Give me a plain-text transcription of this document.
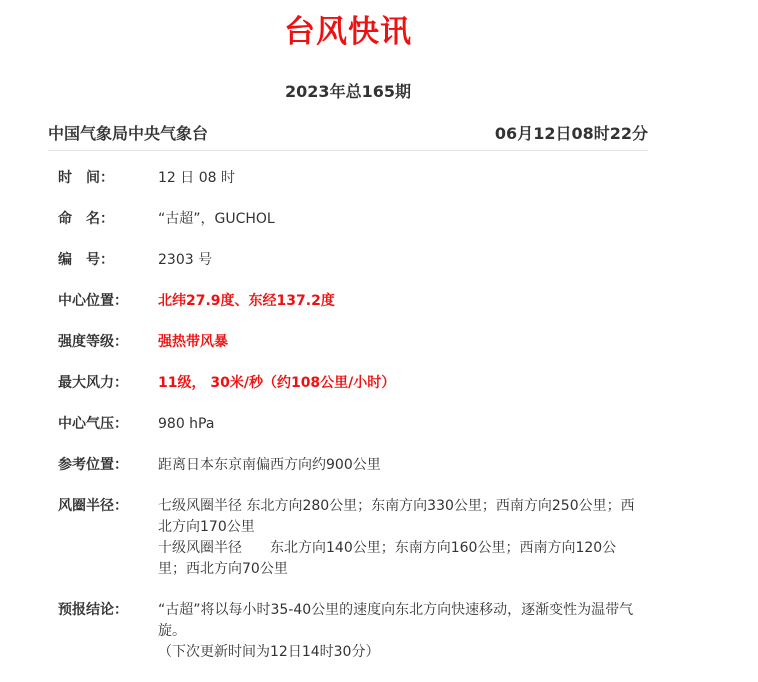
台风快讯
2023年总165期
中国气象局中央气象台	06月12日08时22分
时　间：	12 日 08 时
命　名：	“古超”，GUCHOL
编　号：	2303 号
中心位置：	北纬27.9度、东经137.2度
强度等级：	强热带风暴
最大风力：	11级， 30米/秒（约108公里/小时）
中心气压：	980 hPa
参考位置：	距离日本东京南偏西方向约900公里
风圈半径：	七级风圈半径 东北方向280公里；东南方向330公里；西南方向250公里；西北方向170公里
十级风圈半径　　东北方向140公里；东南方向160公里；西南方向120公里；西北方向70公里
预报结论：	“古超”将以每小时35-40公里的速度向东北方向快速移动，逐渐变性为温带气旋。
（下次更新时间为12日14时30分）
